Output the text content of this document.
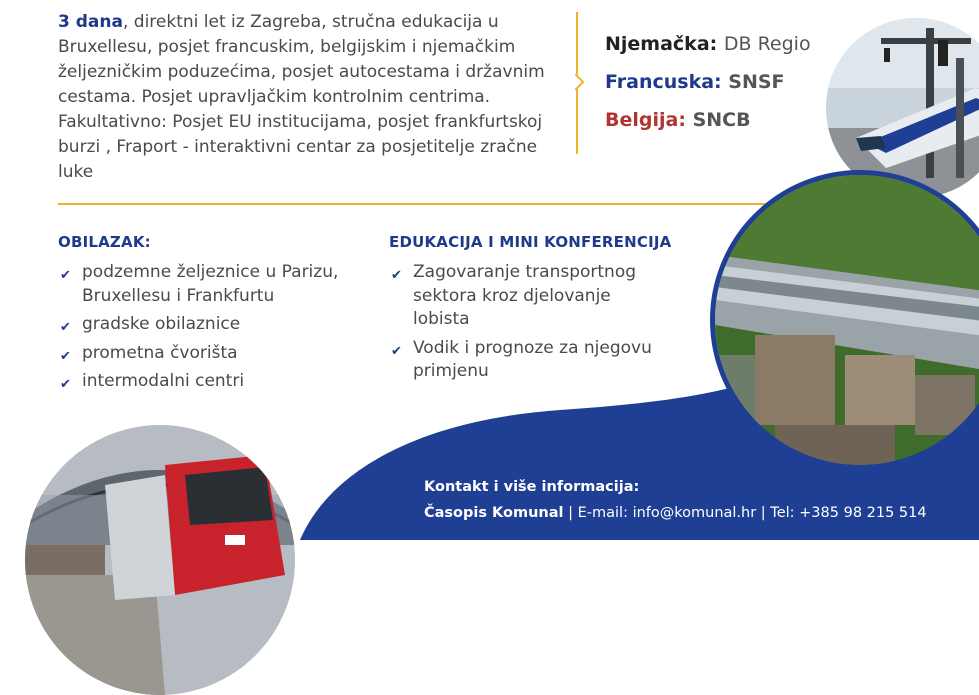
3 dana, direktni let iz Zagreba, stručna edukacija u Bruxellesu, posjet francuskim, belgijskim i njemačkim željezničkim poduzećima, posjet autocestama i državnim cestama. Posjet upravljačkim kontrolnim centrima. Fakultativno: Posjet EU institucijama, posjet frankfurtskoj burzi , Fraport - interaktivni centar za posjetitelje zračne luke
Njemačka: DB Regio
Francuska: SNSF
Belgija: SNCB
OBILAZAK:	EDUKACIJA I MINI KONFERENCIJA
✔ podzemne željeznice u Parizu, Bruxellesu i Frankfurtu
✔ gradske obilaznice
✔ prometna čvorišta
✔ intermodalni centri
✔ Zagovaranje transportnog sektora kroz djelovanje lobista
✔ Vodik i prognoze za njegovu primjenu
Kontakt i više informacija:
Časopis Komunal | E-mail: info@komunal.hr | Tel: +385 98 215 514
